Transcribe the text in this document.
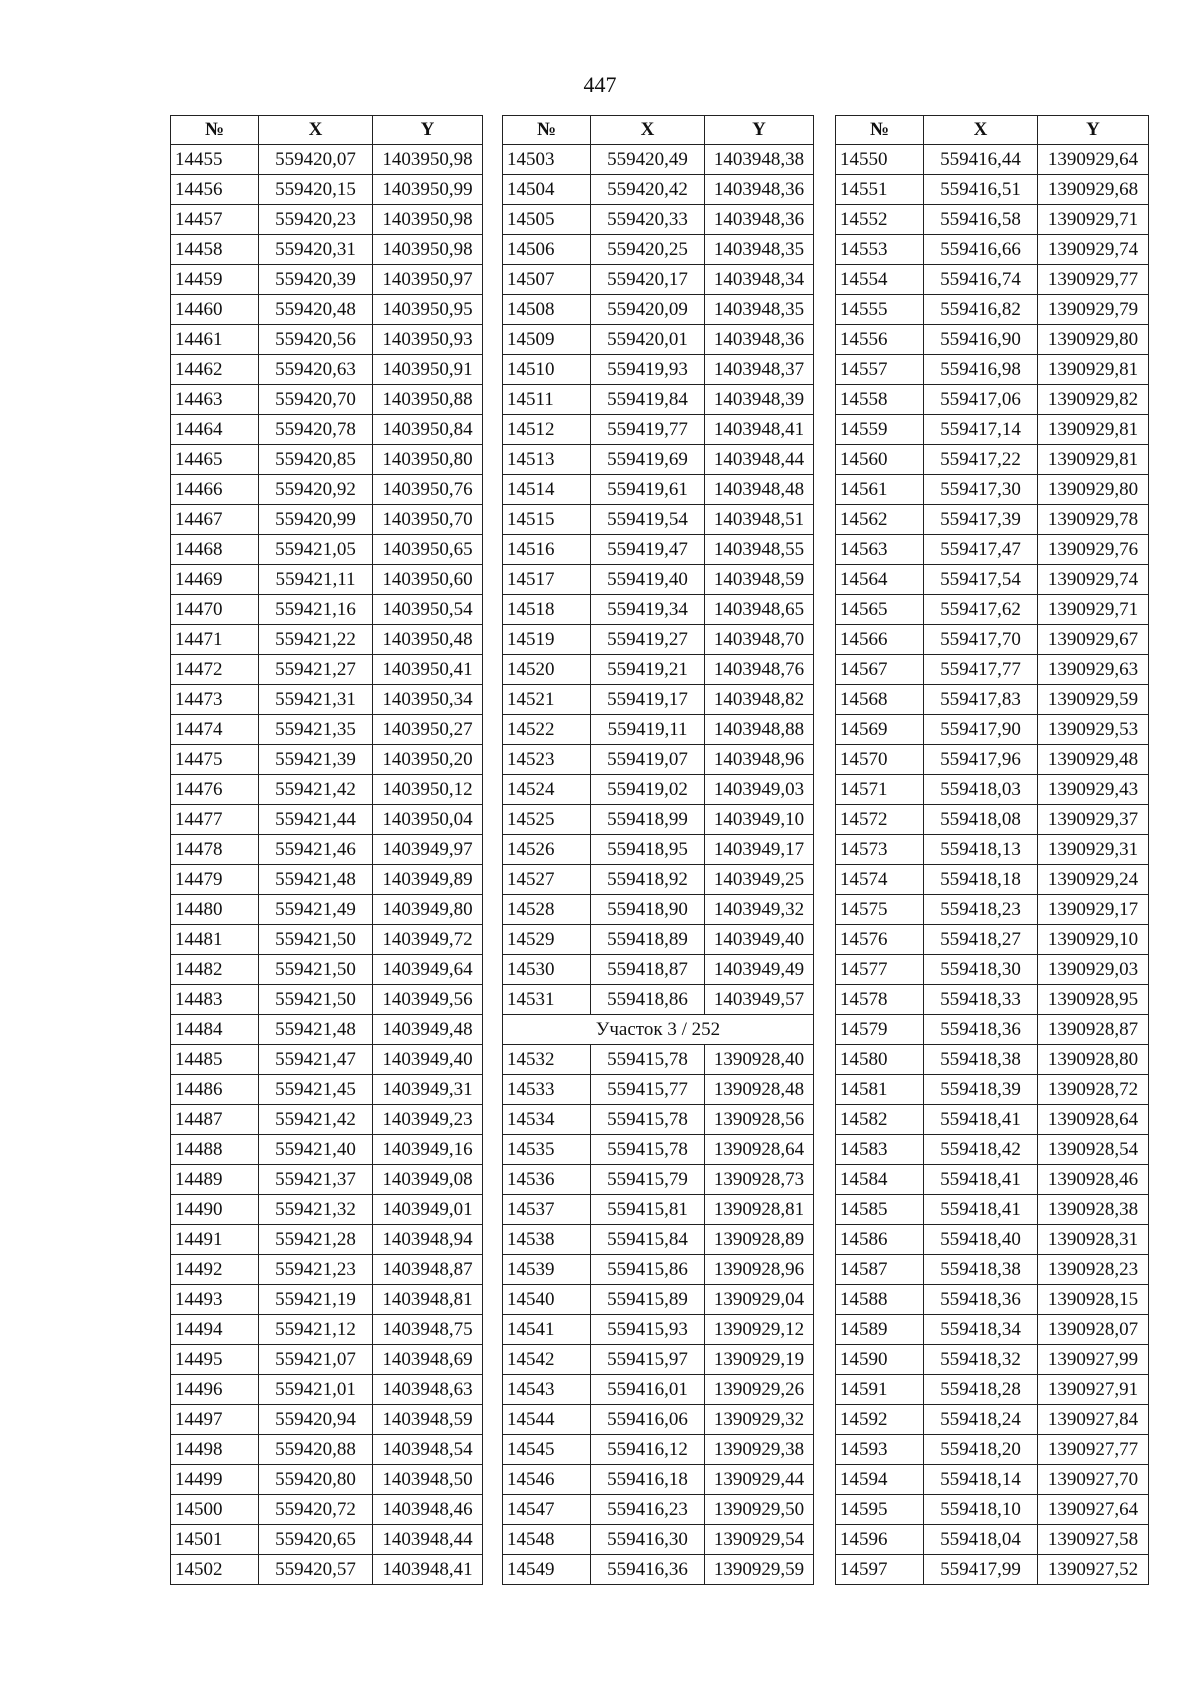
447
№	X	Y
14455	559420,07	1403950,98
14456	559420,15	1403950,99
14457	559420,23	1403950,98
14458	559420,31	1403950,98
14459	559420,39	1403950,97
14460	559420,48	1403950,95
14461	559420,56	1403950,93
14462	559420,63	1403950,91
14463	559420,70	1403950,88
14464	559420,78	1403950,84
14465	559420,85	1403950,80
14466	559420,92	1403950,76
14467	559420,99	1403950,70
14468	559421,05	1403950,65
14469	559421,11	1403950,60
14470	559421,16	1403950,54
14471	559421,22	1403950,48
14472	559421,27	1403950,41
14473	559421,31	1403950,34
14474	559421,35	1403950,27
14475	559421,39	1403950,20
14476	559421,42	1403950,12
14477	559421,44	1403950,04
14478	559421,46	1403949,97
14479	559421,48	1403949,89
14480	559421,49	1403949,80
14481	559421,50	1403949,72
14482	559421,50	1403949,64
14483	559421,50	1403949,56
14484	559421,48	1403949,48
14485	559421,47	1403949,40
14486	559421,45	1403949,31
14487	559421,42	1403949,23
14488	559421,40	1403949,16
14489	559421,37	1403949,08
14490	559421,32	1403949,01
14491	559421,28	1403948,94
14492	559421,23	1403948,87
14493	559421,19	1403948,81
14494	559421,12	1403948,75
14495	559421,07	1403948,69
14496	559421,01	1403948,63
14497	559420,94	1403948,59
14498	559420,88	1403948,54
14499	559420,80	1403948,50
14500	559420,72	1403948,46
14501	559420,65	1403948,44
14502	559420,57	1403948,41
№	X	Y
14503	559420,49	1403948,38
14504	559420,42	1403948,36
14505	559420,33	1403948,36
14506	559420,25	1403948,35
14507	559420,17	1403948,34
14508	559420,09	1403948,35
14509	559420,01	1403948,36
14510	559419,93	1403948,37
14511	559419,84	1403948,39
14512	559419,77	1403948,41
14513	559419,69	1403948,44
14514	559419,61	1403948,48
14515	559419,54	1403948,51
14516	559419,47	1403948,55
14517	559419,40	1403948,59
14518	559419,34	1403948,65
14519	559419,27	1403948,70
14520	559419,21	1403948,76
14521	559419,17	1403948,82
14522	559419,11	1403948,88
14523	559419,07	1403948,96
14524	559419,02	1403949,03
14525	559418,99	1403949,10
14526	559418,95	1403949,17
14527	559418,92	1403949,25
14528	559418,90	1403949,32
14529	559418,89	1403949,40
14530	559418,87	1403949,49
14531	559418,86	1403949,57
Участок 3 / 252		
14532	559415,78	1390928,40
14533	559415,77	1390928,48
14534	559415,78	1390928,56
14535	559415,78	1390928,64
14536	559415,79	1390928,73
14537	559415,81	1390928,81
14538	559415,84	1390928,89
14539	559415,86	1390928,96
14540	559415,89	1390929,04
14541	559415,93	1390929,12
14542	559415,97	1390929,19
14543	559416,01	1390929,26
14544	559416,06	1390929,32
14545	559416,12	1390929,38
14546	559416,18	1390929,44
14547	559416,23	1390929,50
14548	559416,30	1390929,54
14549	559416,36	1390929,59
№	X	Y
14550	559416,44	1390929,64
14551	559416,51	1390929,68
14552	559416,58	1390929,71
14553	559416,66	1390929,74
14554	559416,74	1390929,77
14555	559416,82	1390929,79
14556	559416,90	1390929,80
14557	559416,98	1390929,81
14558	559417,06	1390929,82
14559	559417,14	1390929,81
14560	559417,22	1390929,81
14561	559417,30	1390929,80
14562	559417,39	1390929,78
14563	559417,47	1390929,76
14564	559417,54	1390929,74
14565	559417,62	1390929,71
14566	559417,70	1390929,67
14567	559417,77	1390929,63
14568	559417,83	1390929,59
14569	559417,90	1390929,53
14570	559417,96	1390929,48
14571	559418,03	1390929,43
14572	559418,08	1390929,37
14573	559418,13	1390929,31
14574	559418,18	1390929,24
14575	559418,23	1390929,17
14576	559418,27	1390929,10
14577	559418,30	1390929,03
14578	559418,33	1390928,95
14579	559418,36	1390928,87
14580	559418,38	1390928,80
14581	559418,39	1390928,72
14582	559418,41	1390928,64
14583	559418,42	1390928,54
14584	559418,41	1390928,46
14585	559418,41	1390928,38
14586	559418,40	1390928,31
14587	559418,38	1390928,23
14588	559418,36	1390928,15
14589	559418,34	1390928,07
14590	559418,32	1390927,99
14591	559418,28	1390927,91
14592	559418,24	1390927,84
14593	559418,20	1390927,77
14594	559418,14	1390927,70
14595	559418,10	1390927,64
14596	559418,04	1390927,58
14597	559417,99	1390927,52
